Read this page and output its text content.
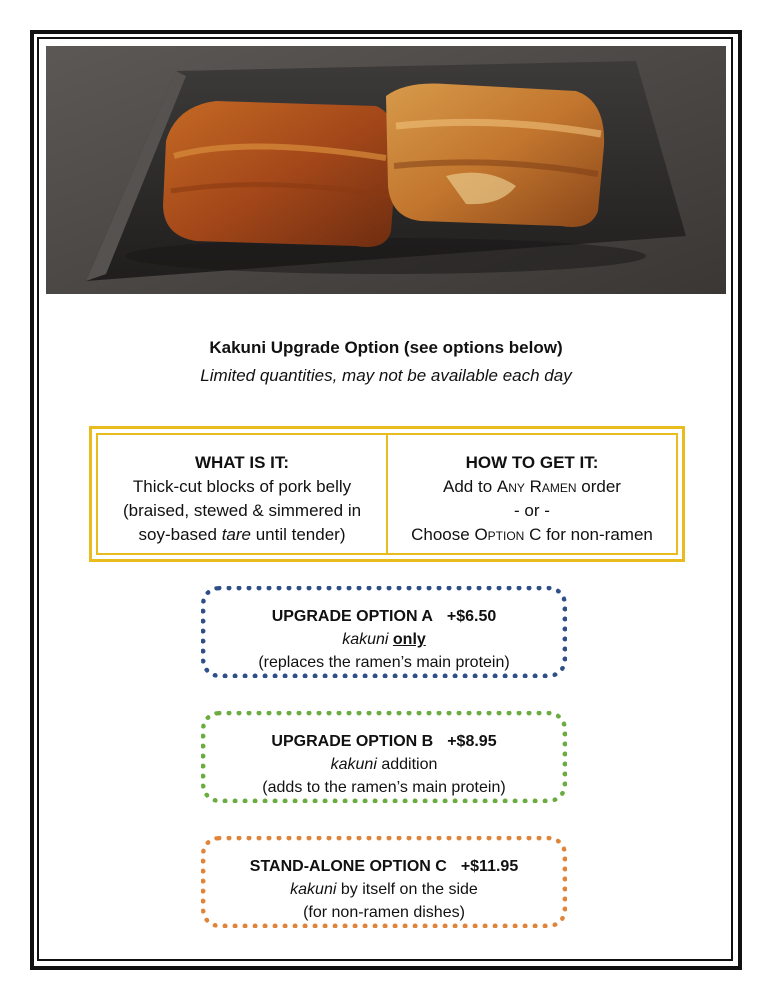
Kakuni Upgrade Option (see options below)
Limited quantities, may not be available each day
WHAT IS IT:
Thick-cut blocks of pork belly
(braised, stewed & simmered in
soy-based tare until tender)
HOW TO GET IT:
Add to Any Ramen order
- or -
Choose Option C for non-ramen
UPGRADE OPTION A +$6.50
kakuni only
(replaces the ramen’s main protein)
UPGRADE OPTION B +$8.95
kakuni addition
(adds to the ramen’s main protein)
STAND-ALONE OPTION C +$11.95
kakuni by itself on the side
(for non-ramen dishes)
